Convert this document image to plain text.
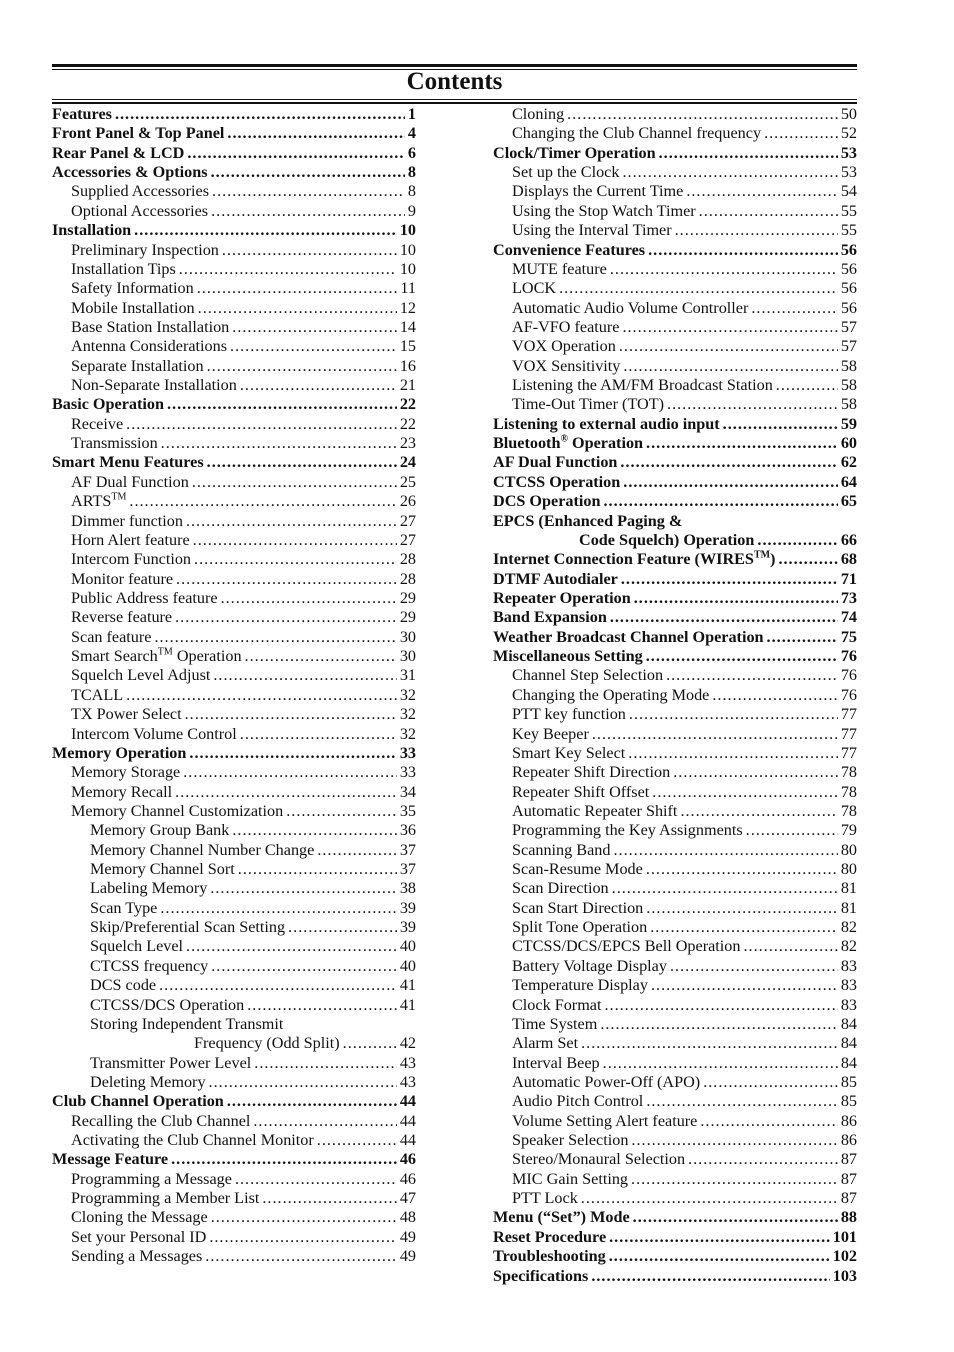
Contents
Features .....	1
Front Panel & Top Panel .....	4
Rear Panel & LCD .....	6
Accessories & Options .....	8
Supplied Accessories .....	8
Optional Accessories .....	9
Installation .....	10
Preliminary Inspection .....	10
Installation Tips .....	10
Safety Information .....	11
Mobile Installation .....	12
Base Station Installation .....	14
Antenna Considerations .....	15
Separate Installation .....	16
Non-Separate Installation .....	21
Basic Operation .....	22
Receive .....	22
Transmission .....	23
Smart Menu Features .....	24
AF Dual Function .....	25
ARTS™ .....	26
Dimmer function .....	27
Horn Alert feature .....	27
Intercom Function .....	28
Monitor feature .....	28
Public Address feature .....	29
Reverse feature .....	29
Scan feature .....	30
Smart Search™ Operation .....	30
Squelch Level Adjust .....	31
TCALL .....	32
TX Power Select .....	32
Intercom Volume Control .....	32
Memory Operation .....	33
Memory Storage .....	33
Memory Recall .....	34
Memory Channel Customization .....	35
Memory Group Bank .....	36
Memory Channel Number Change .....	37
Memory Channel Sort .....	37
Labeling Memory .....	38
Scan Type .....	39
Skip/Preferential Scan Setting .....	39
Squelch Level .....	40
CTCSS frequency .....	40
DCS code .....	41
CTCSS/DCS Operation .....	41
Storing Independent Transmit
Frequency (Odd Split) .....	42
Transmitter Power Level .....	43
Deleting Memory .....	43
Club Channel Operation .....	44
Recalling the Club Channel .....	44
Activating the Club Channel Monitor .....	44
Message Feature .....	46
Programming a Message .....	46
Programming a Member List .....	47
Cloning the Message .....	48
Set your Personal ID .....	49
Sending a Messages .....	49
Cloning .....	50
Changing the Club Channel frequency .....	52
Clock/Timer Operation .....	53
Set up the Clock .....	53
Displays the Current Time .....	54
Using the Stop Watch Timer .....	55
Using the Interval Timer .....	55
Convenience Features .....	56
MUTE feature .....	56
LOCK .....	56
Automatic Audio Volume Controller .....	56
AF-VFO feature .....	57
VOX Operation .....	57
VOX Sensitivity .....	58
Listening the AM/FM Broadcast Station .....	58
Time-Out Timer (TOT) .....	58
Listening to external audio input .....	59
Bluetooth® Operation .....	60
AF Dual Function .....	62
CTCSS Operation .....	64
DCS Operation .....	65
EPCS (Enhanced Paging &
Code Squelch) Operation .....	66
Internet Connection Feature (WIRES™) .....	68
DTMF Autodialer .....	71
Repeater Operation .....	73
Band Expansion .....	74
Weather Broadcast Channel Operation .....	75
Miscellaneous Setting .....	76
Channel Step Selection .....	76
Changing the Operating Mode .....	76
PTT key function .....	77
Key Beeper .....	77
Smart Key Select .....	77
Repeater Shift Direction .....	78
Repeater Shift Offset .....	78
Automatic Repeater Shift .....	78
Programming the Key Assignments .....	79
Scanning Band .....	80
Scan-Resume Mode .....	80
Scan Direction .....	81
Scan Start Direction .....	81
Split Tone Operation .....	82
CTCSS/DCS/EPCS Bell Operation .....	82
Battery Voltage Display .....	83
Temperature Display .....	83
Clock Format .....	83
Time System .....	84
Alarm Set .....	84
Interval Beep .....	84
Automatic Power-Off (APO) .....	85
Audio Pitch Control .....	85
Volume Setting Alert feature .....	86
Speaker Selection .....	86
Stereo/Monaural Selection .....	87
MIC Gain Setting .....	87
PTT Lock .....	87
Menu (“Set”) Mode .....	88
Reset Procedure .....	101
Troubleshooting .....	102
Specifications .....	103
